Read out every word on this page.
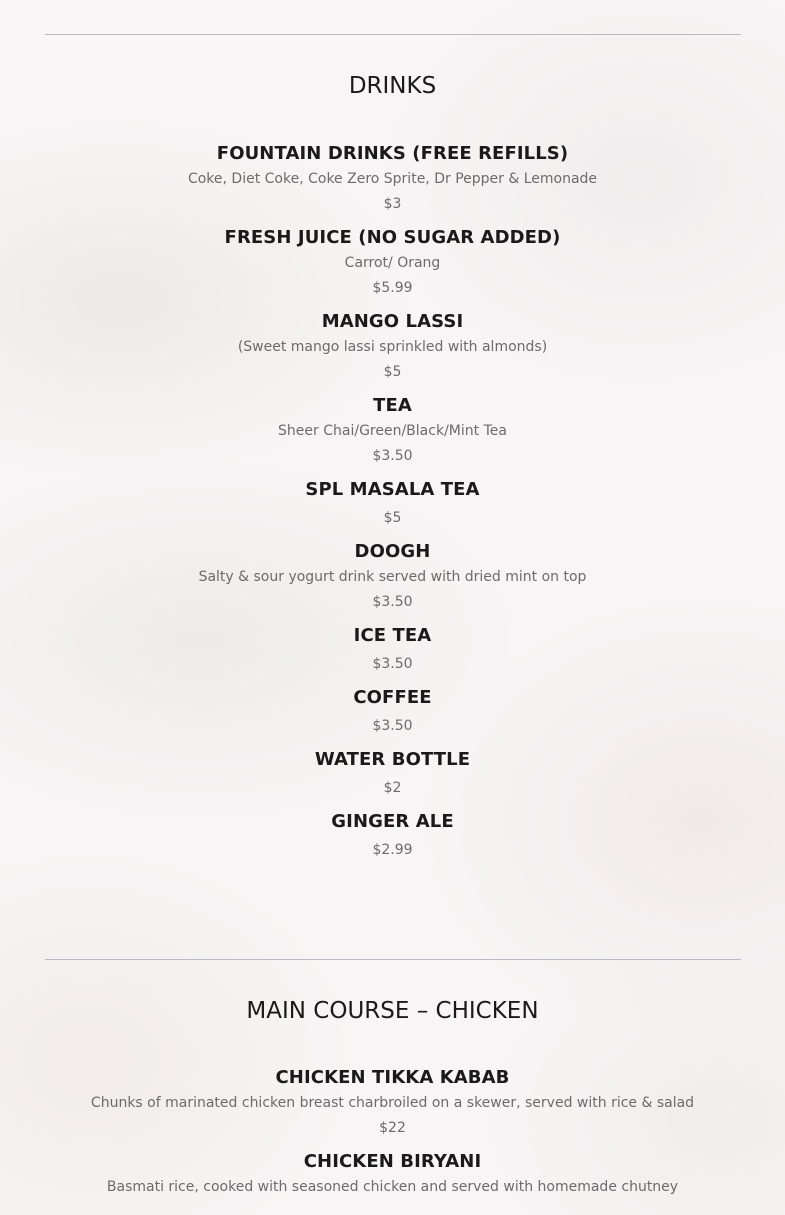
DRINKS
FOUNTAIN DRINKS (FREE REFILLS)
Coke, Diet Coke, Coke Zero Sprite, Dr Pepper & Lemonade
$3
FRESH JUICE (NO SUGAR ADDED)
Carrot/ Orang
$5.99
MANGO LASSI
(Sweet mango lassi sprinkled with almonds)
$5
TEA
Sheer Chai/Green/Black/Mint Tea
$3.50
SPL MASALA TEA
$5
DOOGH
Salty & sour yogurt drink served with dried mint on top
$3.50
ICE TEA
$3.50
COFFEE
$3.50
WATER BOTTLE
$2
GINGER ALE
$2.99
MAIN COURSE – CHICKEN
CHICKEN TIKKA KABAB
Chunks of marinated chicken breast charbroiled on a skewer, served with rice & salad
$22
CHICKEN BIRYANI
Basmati rice, cooked with seasoned chicken and served with homemade chutney
